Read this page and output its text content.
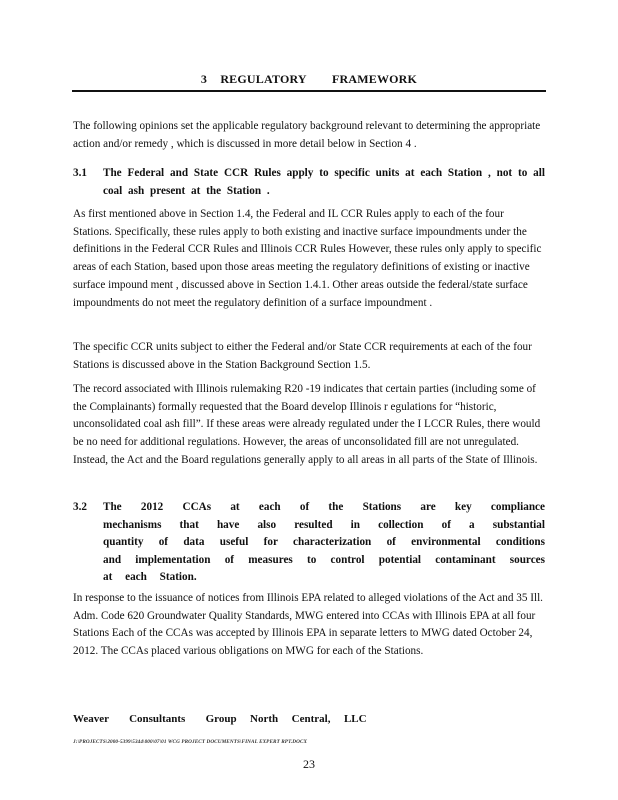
3 REGULATORY        FRAMEWORK

The following opinions set the applicable regulatory background relevant to determining the appropriate action and/or remedy , which is discussed in more detail below in Section 4 .

3.1	The Federal and State CCR Rules apply to specific units at each Station , not to all coal ash present at the Station .

As first mentioned above in Section 1.4, the Federal and IL CCR Rules apply to each of the four Stations. Specifically, these rules apply to both existing and inactive surface impoundments under the definitions in the Federal CCR Rules and Illinois CCR Rules However, these rules only apply to specific areas of each Station, based upon those areas meeting the regulatory definitions of existing or inactive surface impound ment , discussed above in Section 1.4.1. Other areas outside the federal/state surface impoundments do not meet the regulatory definition of a surface impoundment .

The specific CCR units subject to either the Federal and/or State CCR requirements at each of the four Stations is discussed above in the Station Background Section 1.5.

The record associated with Illinois rulemaking R20 -19 indicates that certain parties (including some of the Complainants) formally requested that the Board develop Illinois r egulations for “historic, unconsolidated coal ash fill”. If these areas were already regulated under the I LCCR Rules, there would be no need for additional regulations. However, the areas of unconsolidated fill are not unregulated. Instead, the Act and the Board regulations generally apply to all areas in all parts of the State of Illinois.

3.2	The 2012 CCAs at each of the Stations are key compliance mechanisms that have also resulted in collection of a substantial quantity of data useful for characterization of environmental conditions and implementation of measures to control potential contaminant sources at each Station.

In response to the issuance of notices from Illinois EPA related to alleged violations of the Act and 35 Ill. Adm. Code 620 Groundwater Quality Standards, MWG entered into CCAs with Illinois EPA at all four Stations Each of the CCAs was accepted by Illinois EPA in separate letters to MWG dated October 24, 2012. The CCAs placed various obligations on MWG for each of the Stations.

Weaver   Consultants   Group  North  Central,  LLC
J:\PROJECTS\2000-5399\5344\000\07\01 WCG PROJECT DOCUMENTS\FINAL EXPERT RPT.DOCX
23
